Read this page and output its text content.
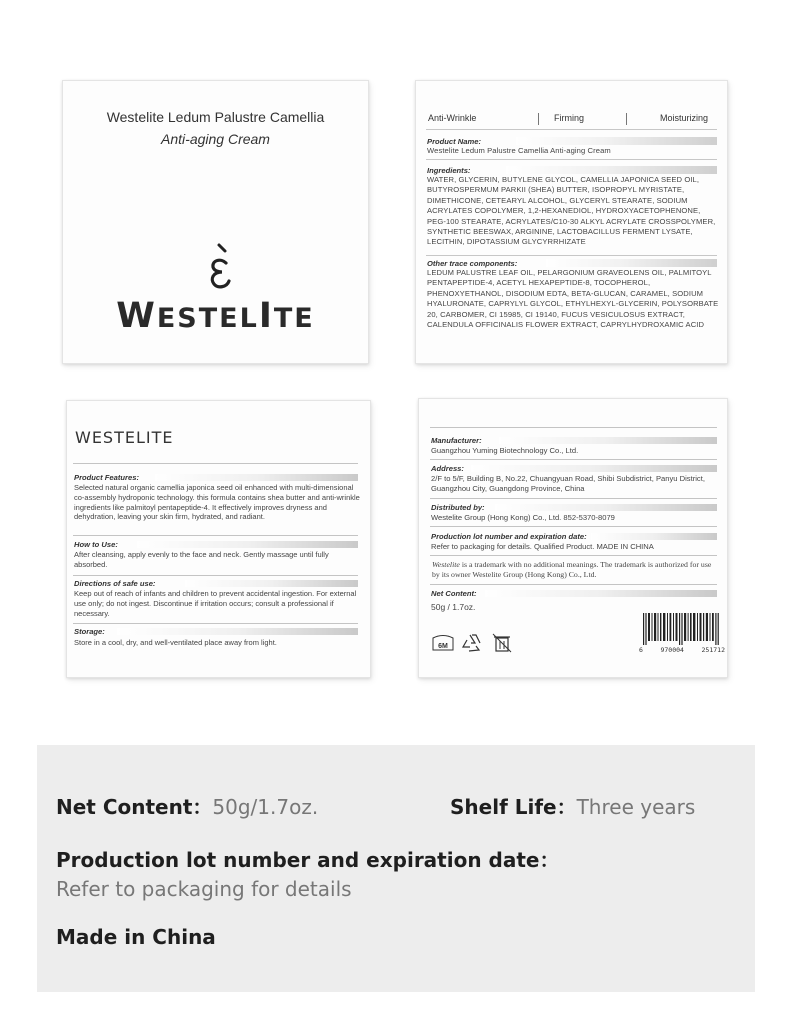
Westelite Ledum Palustre Camellia
Anti-aging Cream
WESTELITE
Anti-Wrinkle	Firming	Moisturizing
Product Name:
Westelite Ledum Palustre Camellia Anti-aging Cream
Ingredients:
WATER, GLYCERIN, BUTYLENE GLYCOL, CAMELLIA JAPONICA SEED OIL, BUTYROSPERMUM PARKII (SHEA) BUTTER, ISOPROPYL MYRISTATE, DIMETHICONE, CETEARYL ALCOHOL, GLYCERYL STEARATE, SODIUM ACRYLATES COPOLYMER, 1,2-HEXANEDIOL, HYDROXYACETOPHENONE, PEG-100 STEARATE, ACRYLATES/C10-30 ALKYL ACRYLATE CROSSPOLYMER, SYNTHETIC BEESWAX, ARGININE, LACTOBACILLUS FERMENT LYSATE, LECITHIN, DIPOTASSIUM GLYCYRRHIZATE
Other trace components:
LEDUM PALUSTRE LEAF OIL, PELARGONIUM GRAVEOLENS OIL, PALMITOYL PENTAPEPTIDE-4, ACETYL HEXAPEPTIDE-8, TOCOPHEROL, PHENOXYETHANOL, DISODIUM EDTA, BETA-GLUCAN, CARAMEL, SODIUM HYALURONATE, CAPRYLYL GLYCOL, ETHYLHEXYL-GLYCERIN, POLYSORBATE 20, CARBOMER, CI 15985, CI 19140, FUCUS VESICULOSUS EXTRACT, CALENDULA OFFICINALIS FLOWER EXTRACT, CAPRYLHYDROXAMIC ACID
WESTELITE
Product Features:
Selected natural organic camellia japonica seed oil enhanced with multi-dimensional co-assembly hydroponic technology. this formula contains shea butter and anti-wrinkle ingredients like palmitoyl pentapeptide-4. It effectively improves dryness and dehydration, leaving your skin firm, hydrated, and radiant.
How to Use:
After cleansing, apply evenly to the face and neck. Gently massage until fully absorbed.
Directions of safe use:
Keep out of reach of infants and children to prevent accidental ingestion. For external use only; do not ingest. Discontinue if irritation occurs; consult a professional if necessary.
Storage:
Store in a cool, dry, and well-ventilated place away from light.
Manufacturer:
Guangzhou Yuming Biotechnology Co., Ltd.
Address:
2/F to 5/F, Building B, No.22, Chuangyuan Road, Shibi Subdistrict, Panyu District, Guangzhou City, Guangdong Province, China
Distributed by:
Westelite Group (Hong Kong) Co., Ltd. 852-5370-8079
Production lot number and expiration date:
Refer to packaging for details. Qualified Product. MADE IN CHINA
Westelite is a trademark with no additional meanings. The trademark is authorized for use by its owner Westelite Group (Hong Kong) Co., Ltd.
Net Content:
50g / 1.7oz.
6M	6	970004	251712
Net Content：50g/1.7oz.	Shelf Life：Three years
Production lot number and expiration date：
Refer to packaging for details
Made in China
